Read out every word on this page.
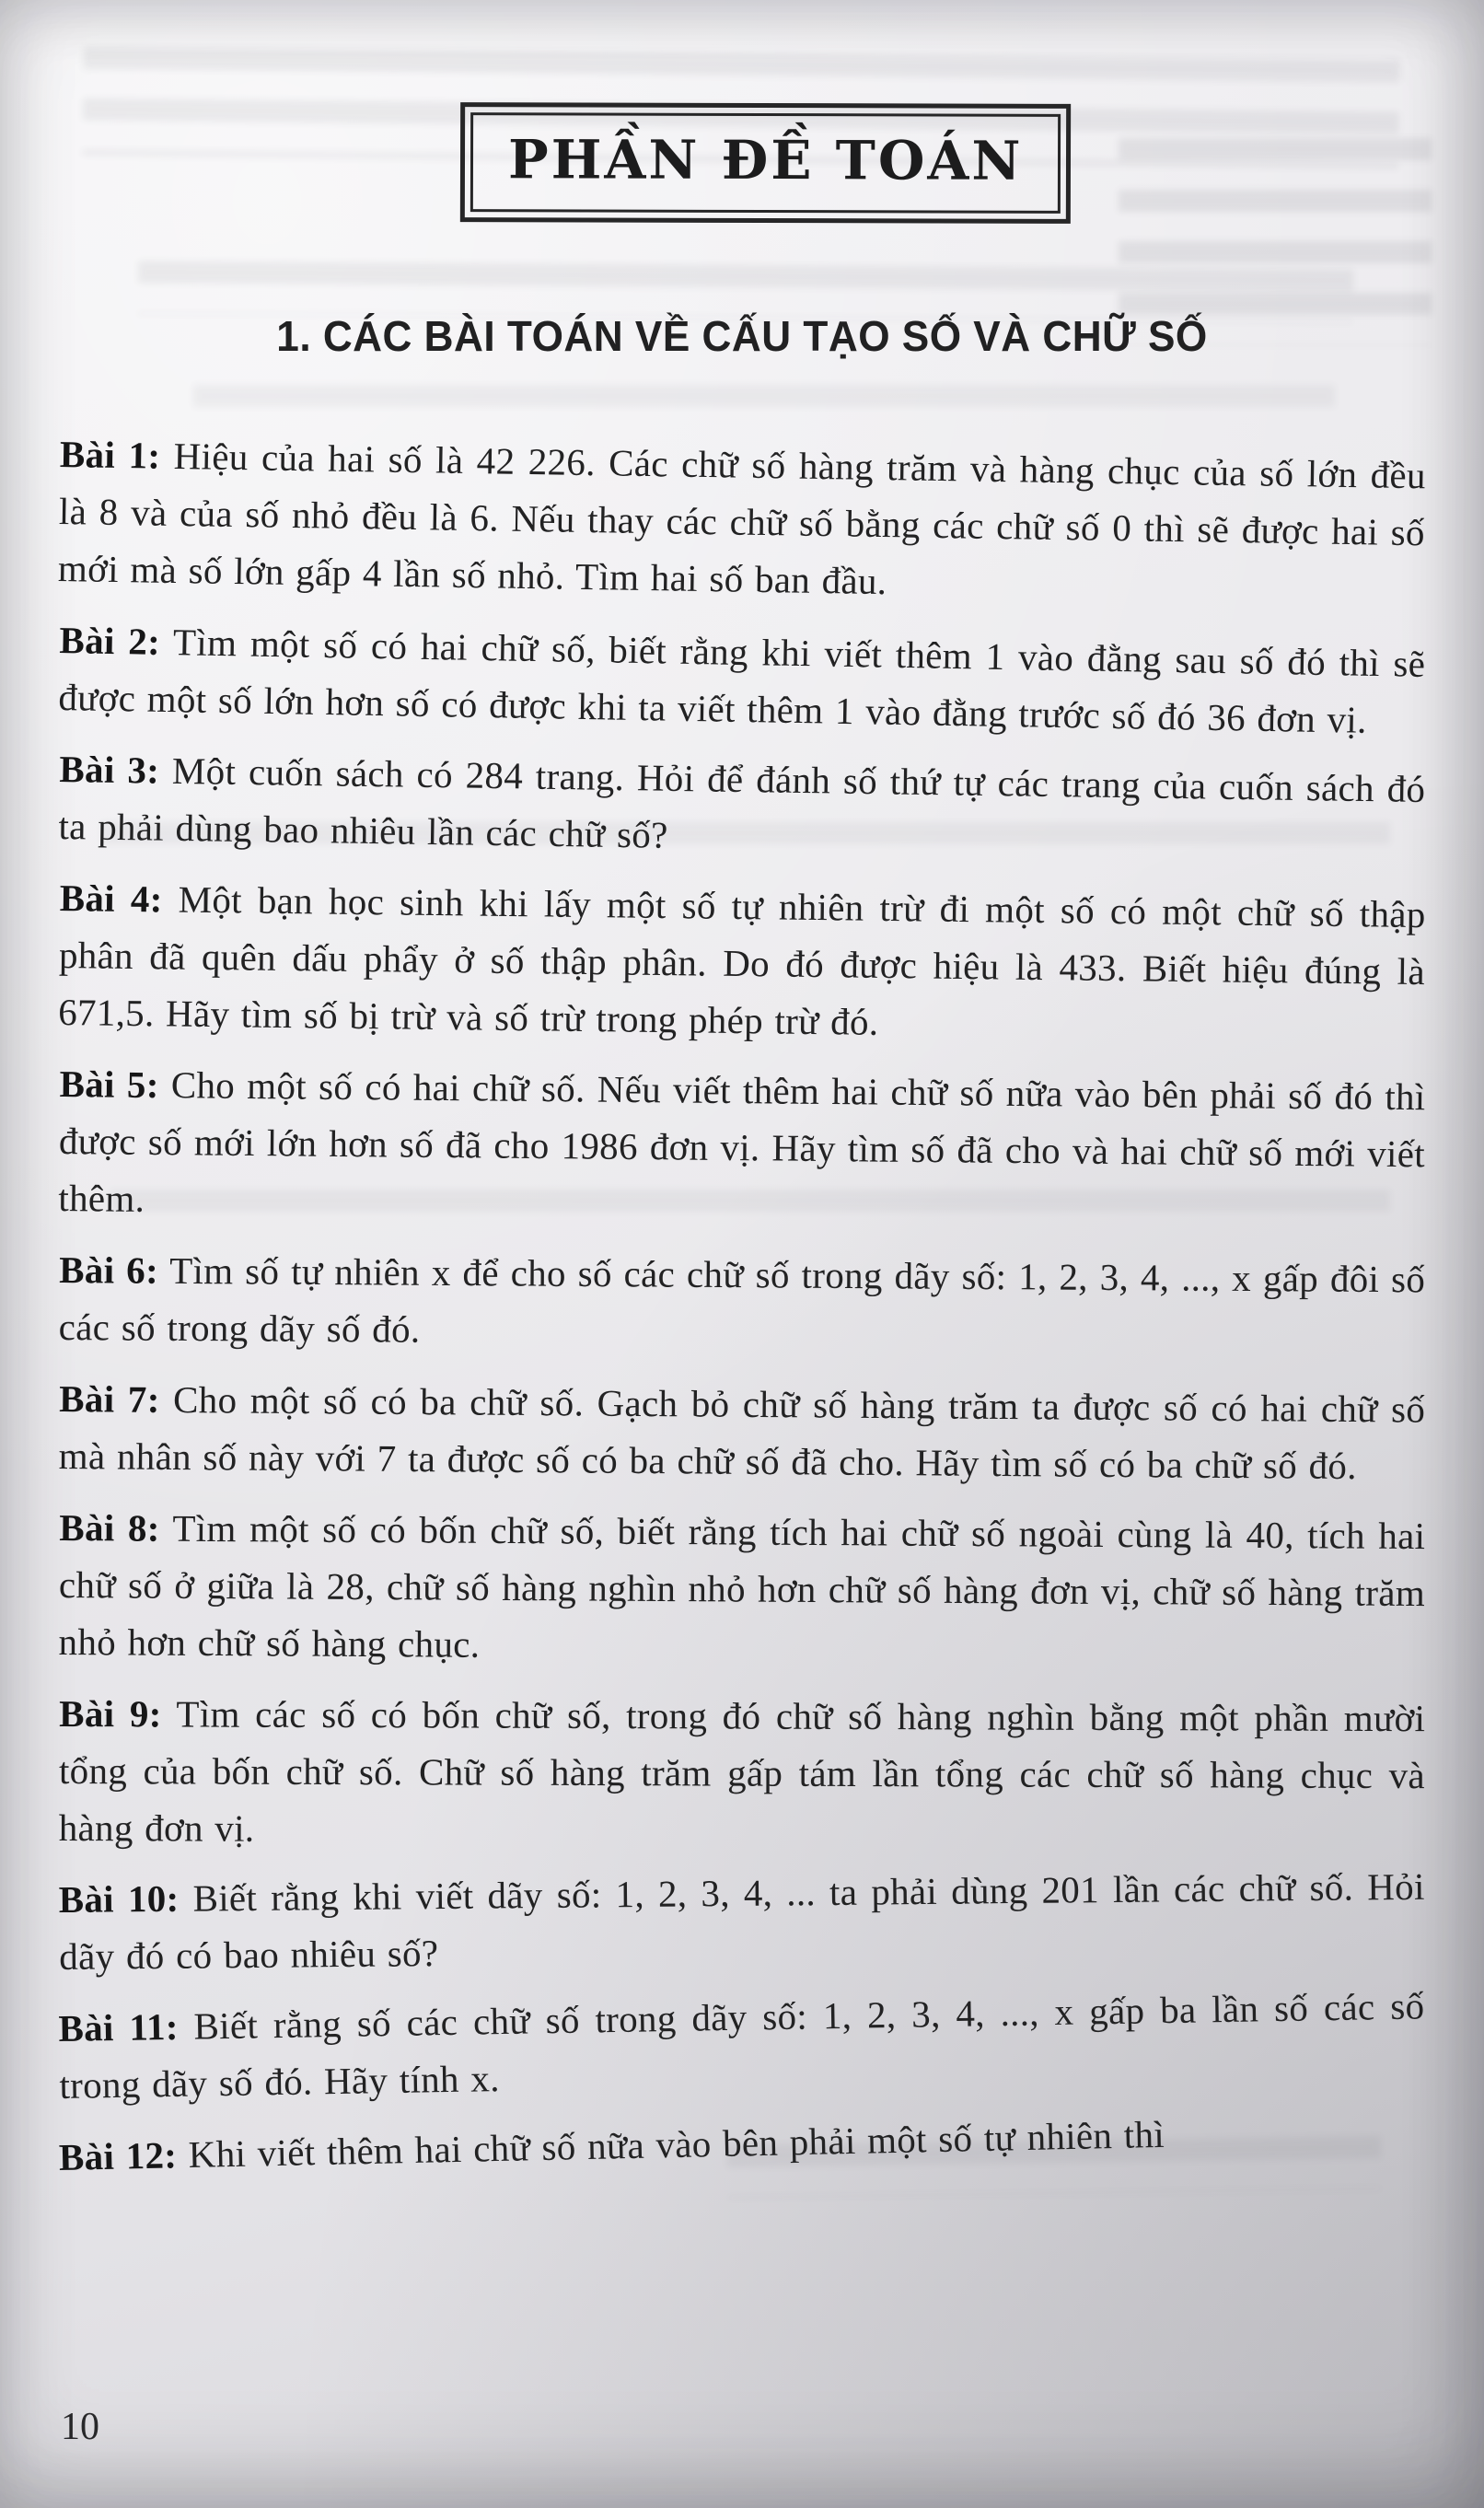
PHẦN ĐỀ TOÁN
1. CÁC BÀI TOÁN VỀ CẤU TẠO SỐ VÀ CHỮ SỐ

Bài 1: Hiệu của hai số là 42 226. Các chữ số hàng trăm và hàng chục của số lớn đều là 8 và của số nhỏ đều là 6. Nếu thay các chữ số bằng các chữ số 0 thì sẽ được hai số mới mà số lớn gấp 4 lần số nhỏ. Tìm hai số ban đầu.

Bài 2: Tìm một số có hai chữ số, biết rằng khi viết thêm 1 vào đằng sau số đó thì sẽ được một số lớn hơn số có được khi ta viết thêm 1 vào đằng trước số đó 36 đơn vị.

Bài 3: Một cuốn sách có 284 trang. Hỏi để đánh số thứ tự các trang của cuốn sách đó ta phải dùng bao nhiêu lần các chữ số?

Bài 4: Một bạn học sinh khi lấy một số tự nhiên trừ đi một số có một chữ số thập phân đã quên dấu phẩy ở số thập phân. Do đó được hiệu là 433. Biết hiệu đúng là 671,5. Hãy tìm số bị trừ và số trừ trong phép trừ đó.

Bài 5: Cho một số có hai chữ số. Nếu viết thêm hai chữ số nữa vào bên phải số đó thì được số mới lớn hơn số đã cho 1986 đơn vị. Hãy tìm số đã cho và hai chữ số mới viết thêm.

Bài 6: Tìm số tự nhiên x để cho số các chữ số trong dãy số: 1, 2, 3, 4, ..., x gấp đôi số các số trong dãy số đó.

Bài 7: Cho một số có ba chữ số. Gạch bỏ chữ số hàng trăm ta được số có hai chữ số mà nhân số này với 7 ta được số có ba chữ số đã cho. Hãy tìm số có ba chữ số đó.

Bài 8: Tìm một số có bốn chữ số, biết rằng tích hai chữ số ngoài cùng là 40, tích hai chữ số ở giữa là 28, chữ số hàng nghìn nhỏ hơn chữ số hàng đơn vị, chữ số hàng trăm nhỏ hơn chữ số hàng chục.

Bài 9: Tìm các số có bốn chữ số, trong đó chữ số hàng nghìn bằng một phần mười tổng của bốn chữ số. Chữ số hàng trăm gấp tám lần tổng các chữ số hàng chục và hàng đơn vị.

Bài 10: Biết rằng khi viết dãy số: 1, 2, 3, 4, ... ta phải dùng 201 lần các chữ số. Hỏi dãy đó có bao nhiêu số?

Bài 11: Biết rằng số các chữ số trong dãy số: 1, 2, 3, 4, ..., x gấp ba lần số các số trong dãy số đó. Hãy tính x.

Bài 12: Khi viết thêm hai chữ số nữa vào bên phải một số tự nhiên thì

10
